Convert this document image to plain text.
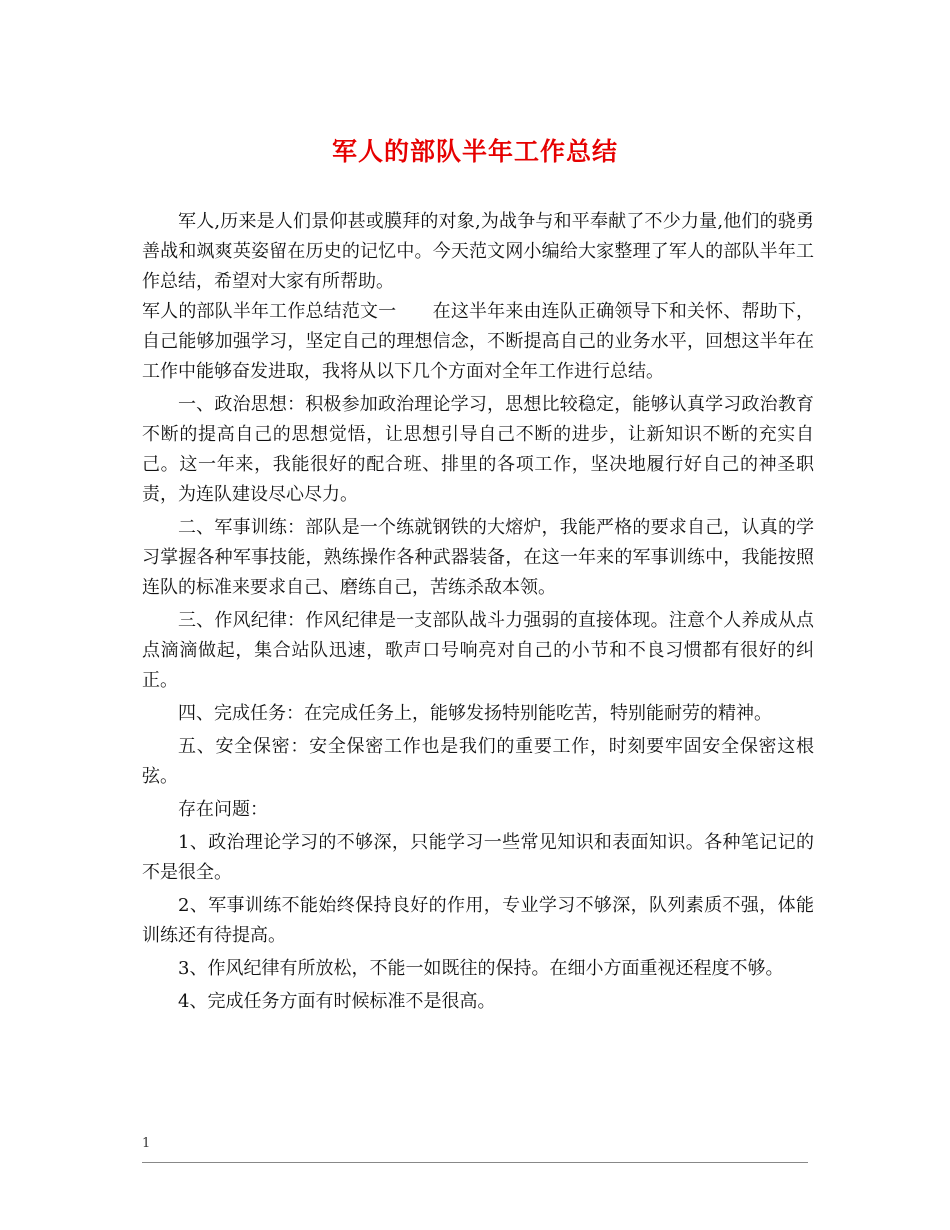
军人的部队半年工作总结

军人,历来是人们景仰甚或膜拜的对象,为战争与和平奉献了不少力量,他们的骁勇善战和飒爽英姿留在历史的记忆中。今天范文网小编给大家整理了军人的部队半年工作总结，希望对大家有所帮助。

军人的部队半年工作总结范文一　　在这半年来由连队正确领导下和关怀、帮助下，自己能够加强学习，坚定自己的理想信念，不断提高自己的业务水平，回想这半年在工作中能够奋发进取，我将从以下几个方面对全年工作进行总结。

一、政治思想：积极参加政治理论学习，思想比较稳定，能够认真学习政治教育不断的提高自己的思想觉悟，让思想引导自己不断的进步，让新知识不断的充实自己。这一年来，我能很好的配合班、排里的各项工作，坚决地履行好自己的神圣职责，为连队建设尽心尽力。

二、军事训练：部队是一个练就钢铁的大熔炉，我能严格的要求自己，认真的学习掌握各种军事技能，熟练操作各种武器装备，在这一年来的军事训练中，我能按照连队的标准来要求自己、磨练自己，苦练杀敌本领。

三、作风纪律：作风纪律是一支部队战斗力强弱的直接体现。注意个人养成从点点滴滴做起，集合站队迅速，歌声口号响亮对自己的小节和不良习惯都有很好的纠正。

四、完成任务：在完成任务上，能够发扬特别能吃苦，特别能耐劳的精神。

五、安全保密：安全保密工作也是我们的重要工作，时刻要牢固安全保密这根弦。

存在问题：

1、政治理论学习的不够深，只能学习一些常见知识和表面知识。各种笔记记的不是很全。

2、军事训练不能始终保持良好的作用，专业学习不够深，队列素质不强，体能训练还有待提高。

3、作风纪律有所放松，不能一如既往的保持。在细小方面重视还程度不够。

4、完成任务方面有时候标准不是很高。

1
